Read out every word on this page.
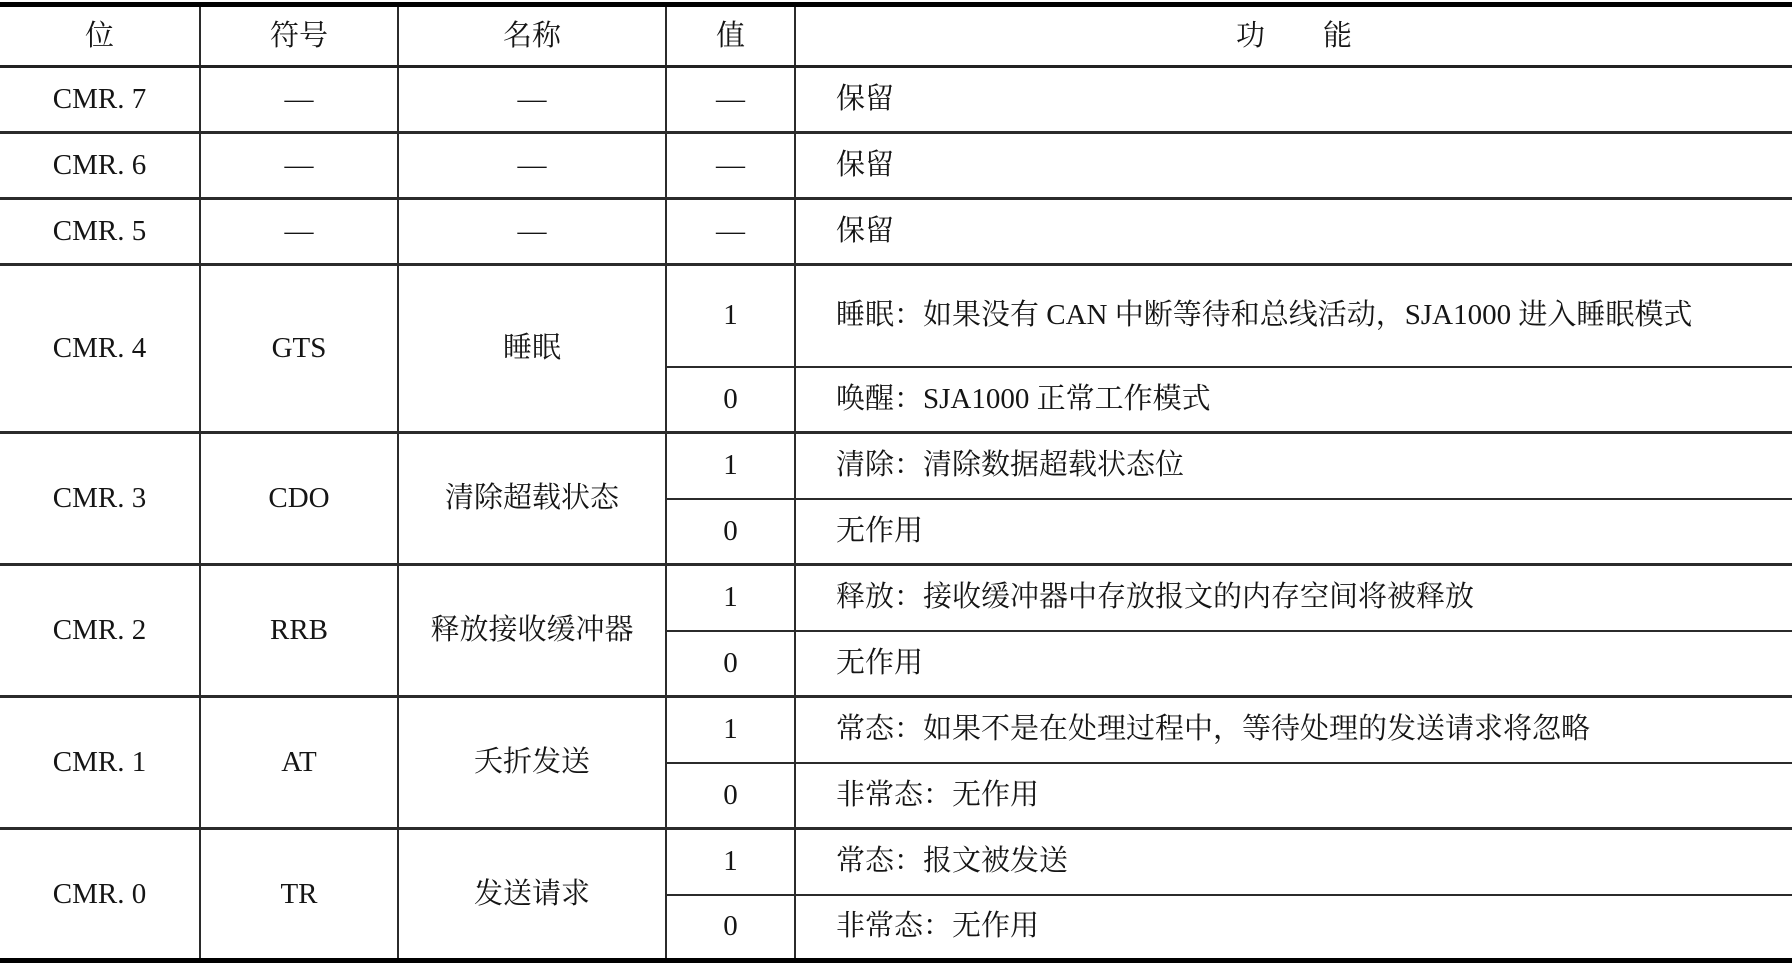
位	符号	名称	值	功　　能
CMR. 7	—	—	—	保留
CMR. 6	—	—	—	保留
CMR. 5	—	—	—	保留
CMR. 4	GTS	睡眠	1	睡眠：如果没有 CAN 中断等待和总线活动，SJA1000 进入睡眠模式
			0	唤醒：SJA1000 正常工作模式
CMR. 3	CDO	清除超载状态	1	清除：清除数据超载状态位
			0	无作用
CMR. 2	RRB	释放接收缓冲器	1	释放：接收缓冲器中存放报文的内存空间将被释放
			0	无作用
CMR. 1	AT	夭折发送	1	常态：如果不是在处理过程中，等待处理的发送请求将忽略
			0	非常态：无作用
CMR. 0	TR	发送请求	1	常态：报文被发送
			0	非常态：无作用
